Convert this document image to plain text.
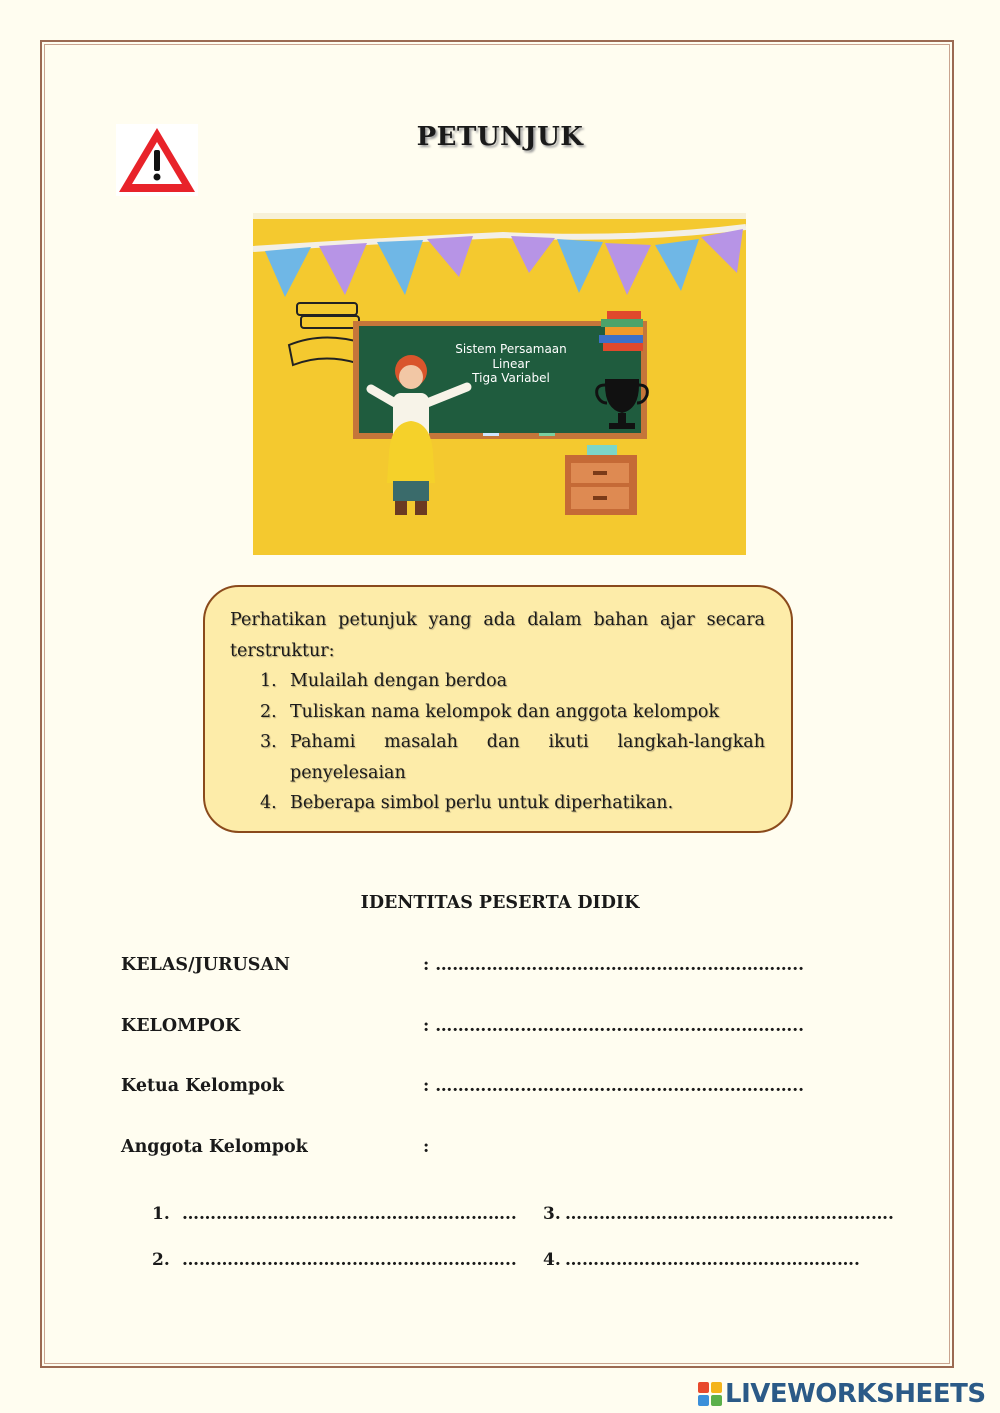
PETUNJUK
Sistem Persamaan
Linear
Tiga Variabel

Perhatikan petunjuk yang ada dalam bahan ajar secara terstruktur:

1. Mulailah dengan berdoa
2. Tuliskan nama kelompok dan anggota kelompok
3. Pahami masalah dan ikuti langkah-langkah penyelesaian
4. Beberapa simbol perlu untuk diperhatikan.
IDENTITAS PESERTA DIDIK
KELAS/JURUSAN	: ………………………………………………………..
KELOMPOK	: ………………………………………………………..
Ketua Kelompok	: ………………………………………………………..
Anggota Kelompok	:
1. …………………………………………………..
2. …………………………………………………..
3. ………………………………………………….
4. …………………………………………….
LIVEWORKSHEETS
